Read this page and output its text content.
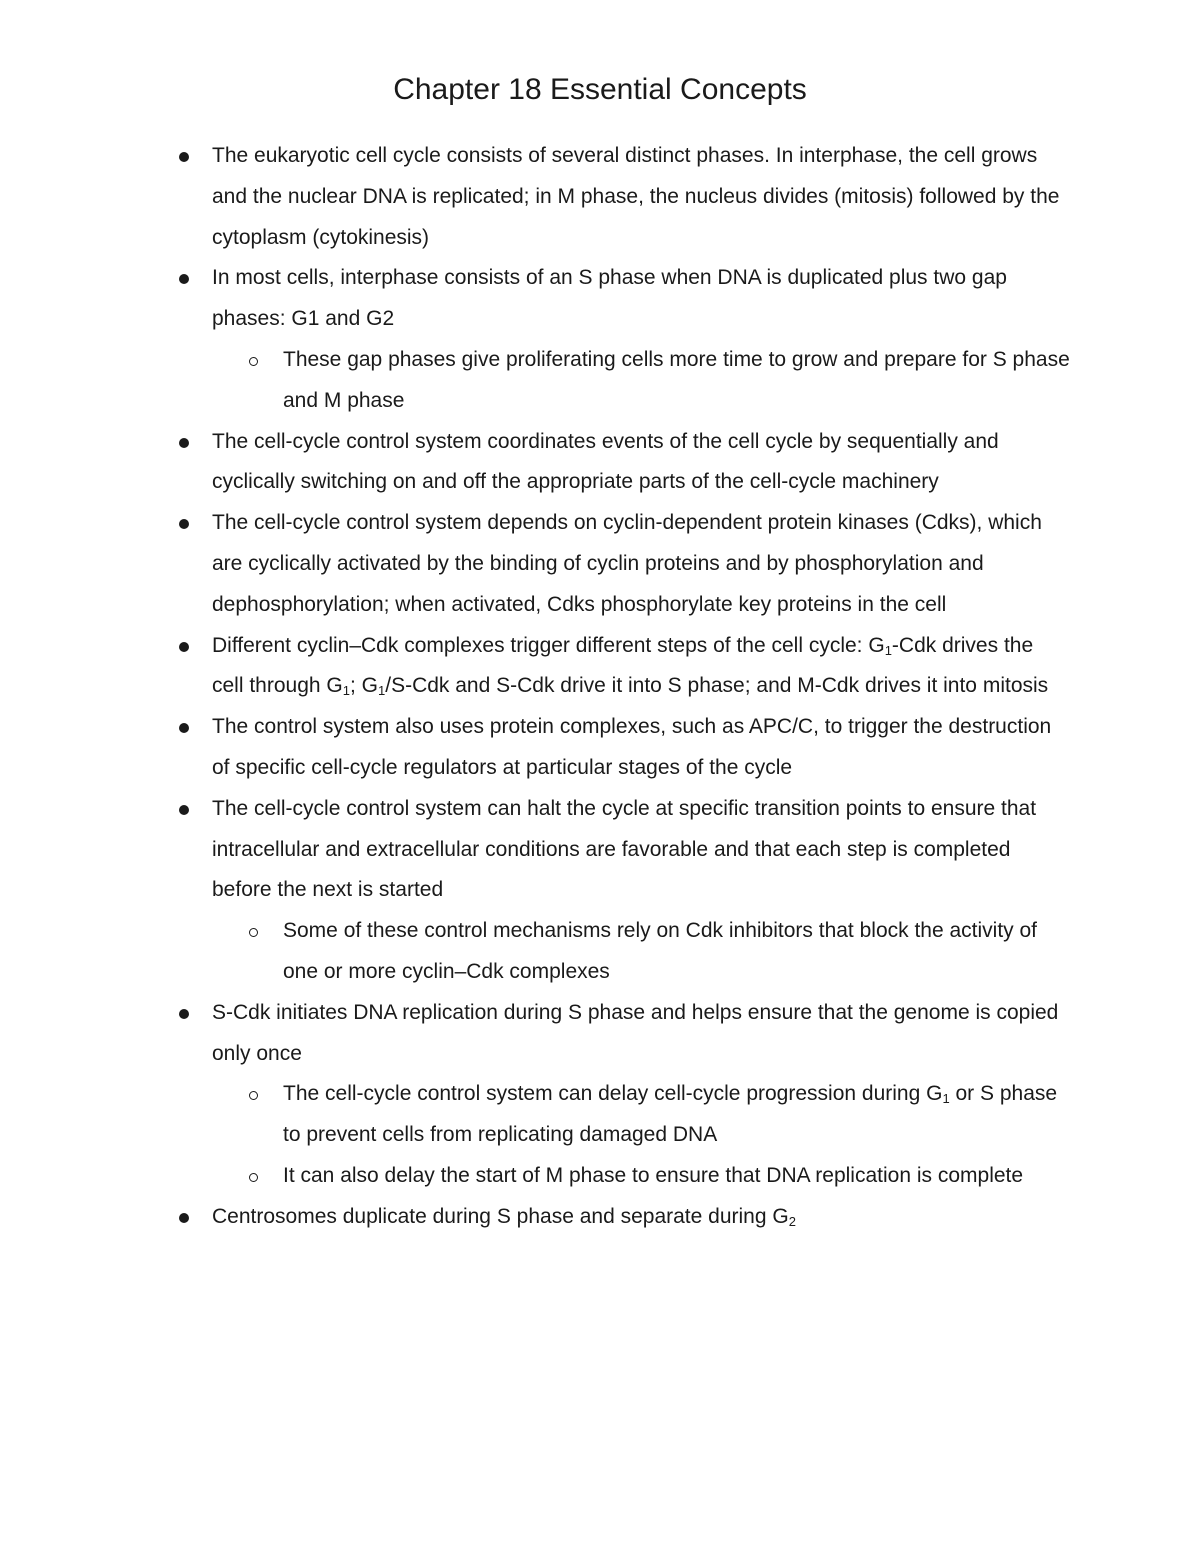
Chapter 18 Essential Concepts
The eukaryotic cell cycle consists of several distinct phases. In interphase, the cell grows and the nuclear DNA is replicated; in M phase, the nucleus divides (mitosis) followed by the cytoplasm (cytokinesis)
In most cells, interphase consists of an S phase when DNA is duplicated plus two gap phases: G1 and G2
These gap phases give proliferating cells more time to grow and prepare for S phase and M phase
The cell-cycle control system coordinates events of the cell cycle by sequentially and cyclically switching on and off the appropriate parts of the cell-cycle machinery
The cell-cycle control system depends on cyclin-dependent protein kinases (Cdks), which are cyclically activated by the binding of cyclin proteins and by phosphorylation and dephosphorylation; when activated, Cdks phosphorylate key proteins in the cell
Different cyclin–Cdk complexes trigger different steps of the cell cycle: $G_1$-Cdk drives the cell through $G_1$; $G_1/S$-Cdk and S-Cdk drive it into S phase; and M-Cdk drives it into mitosis
The control system also uses protein complexes, such as APC/C, to trigger the destruction of specific cell-cycle regulators at particular stages of the cycle
The cell-cycle control system can halt the cycle at specific transition points to ensure that intracellular and extracellular conditions are favorable and that each step is completed before the next is started
Some of these control mechanisms rely on Cdk inhibitors that block the activity of one or more cyclin–Cdk complexes
S-Cdk initiates DNA replication during S phase and helps ensure that the genome is copied only once
The cell-cycle control system can delay cell-cycle progression during $G_1$ or S phase to prevent cells from replicating damaged DNA
It can also delay the start of M phase to ensure that DNA replication is complete
Centrosomes duplicate during S phase and separate during $G_2$
